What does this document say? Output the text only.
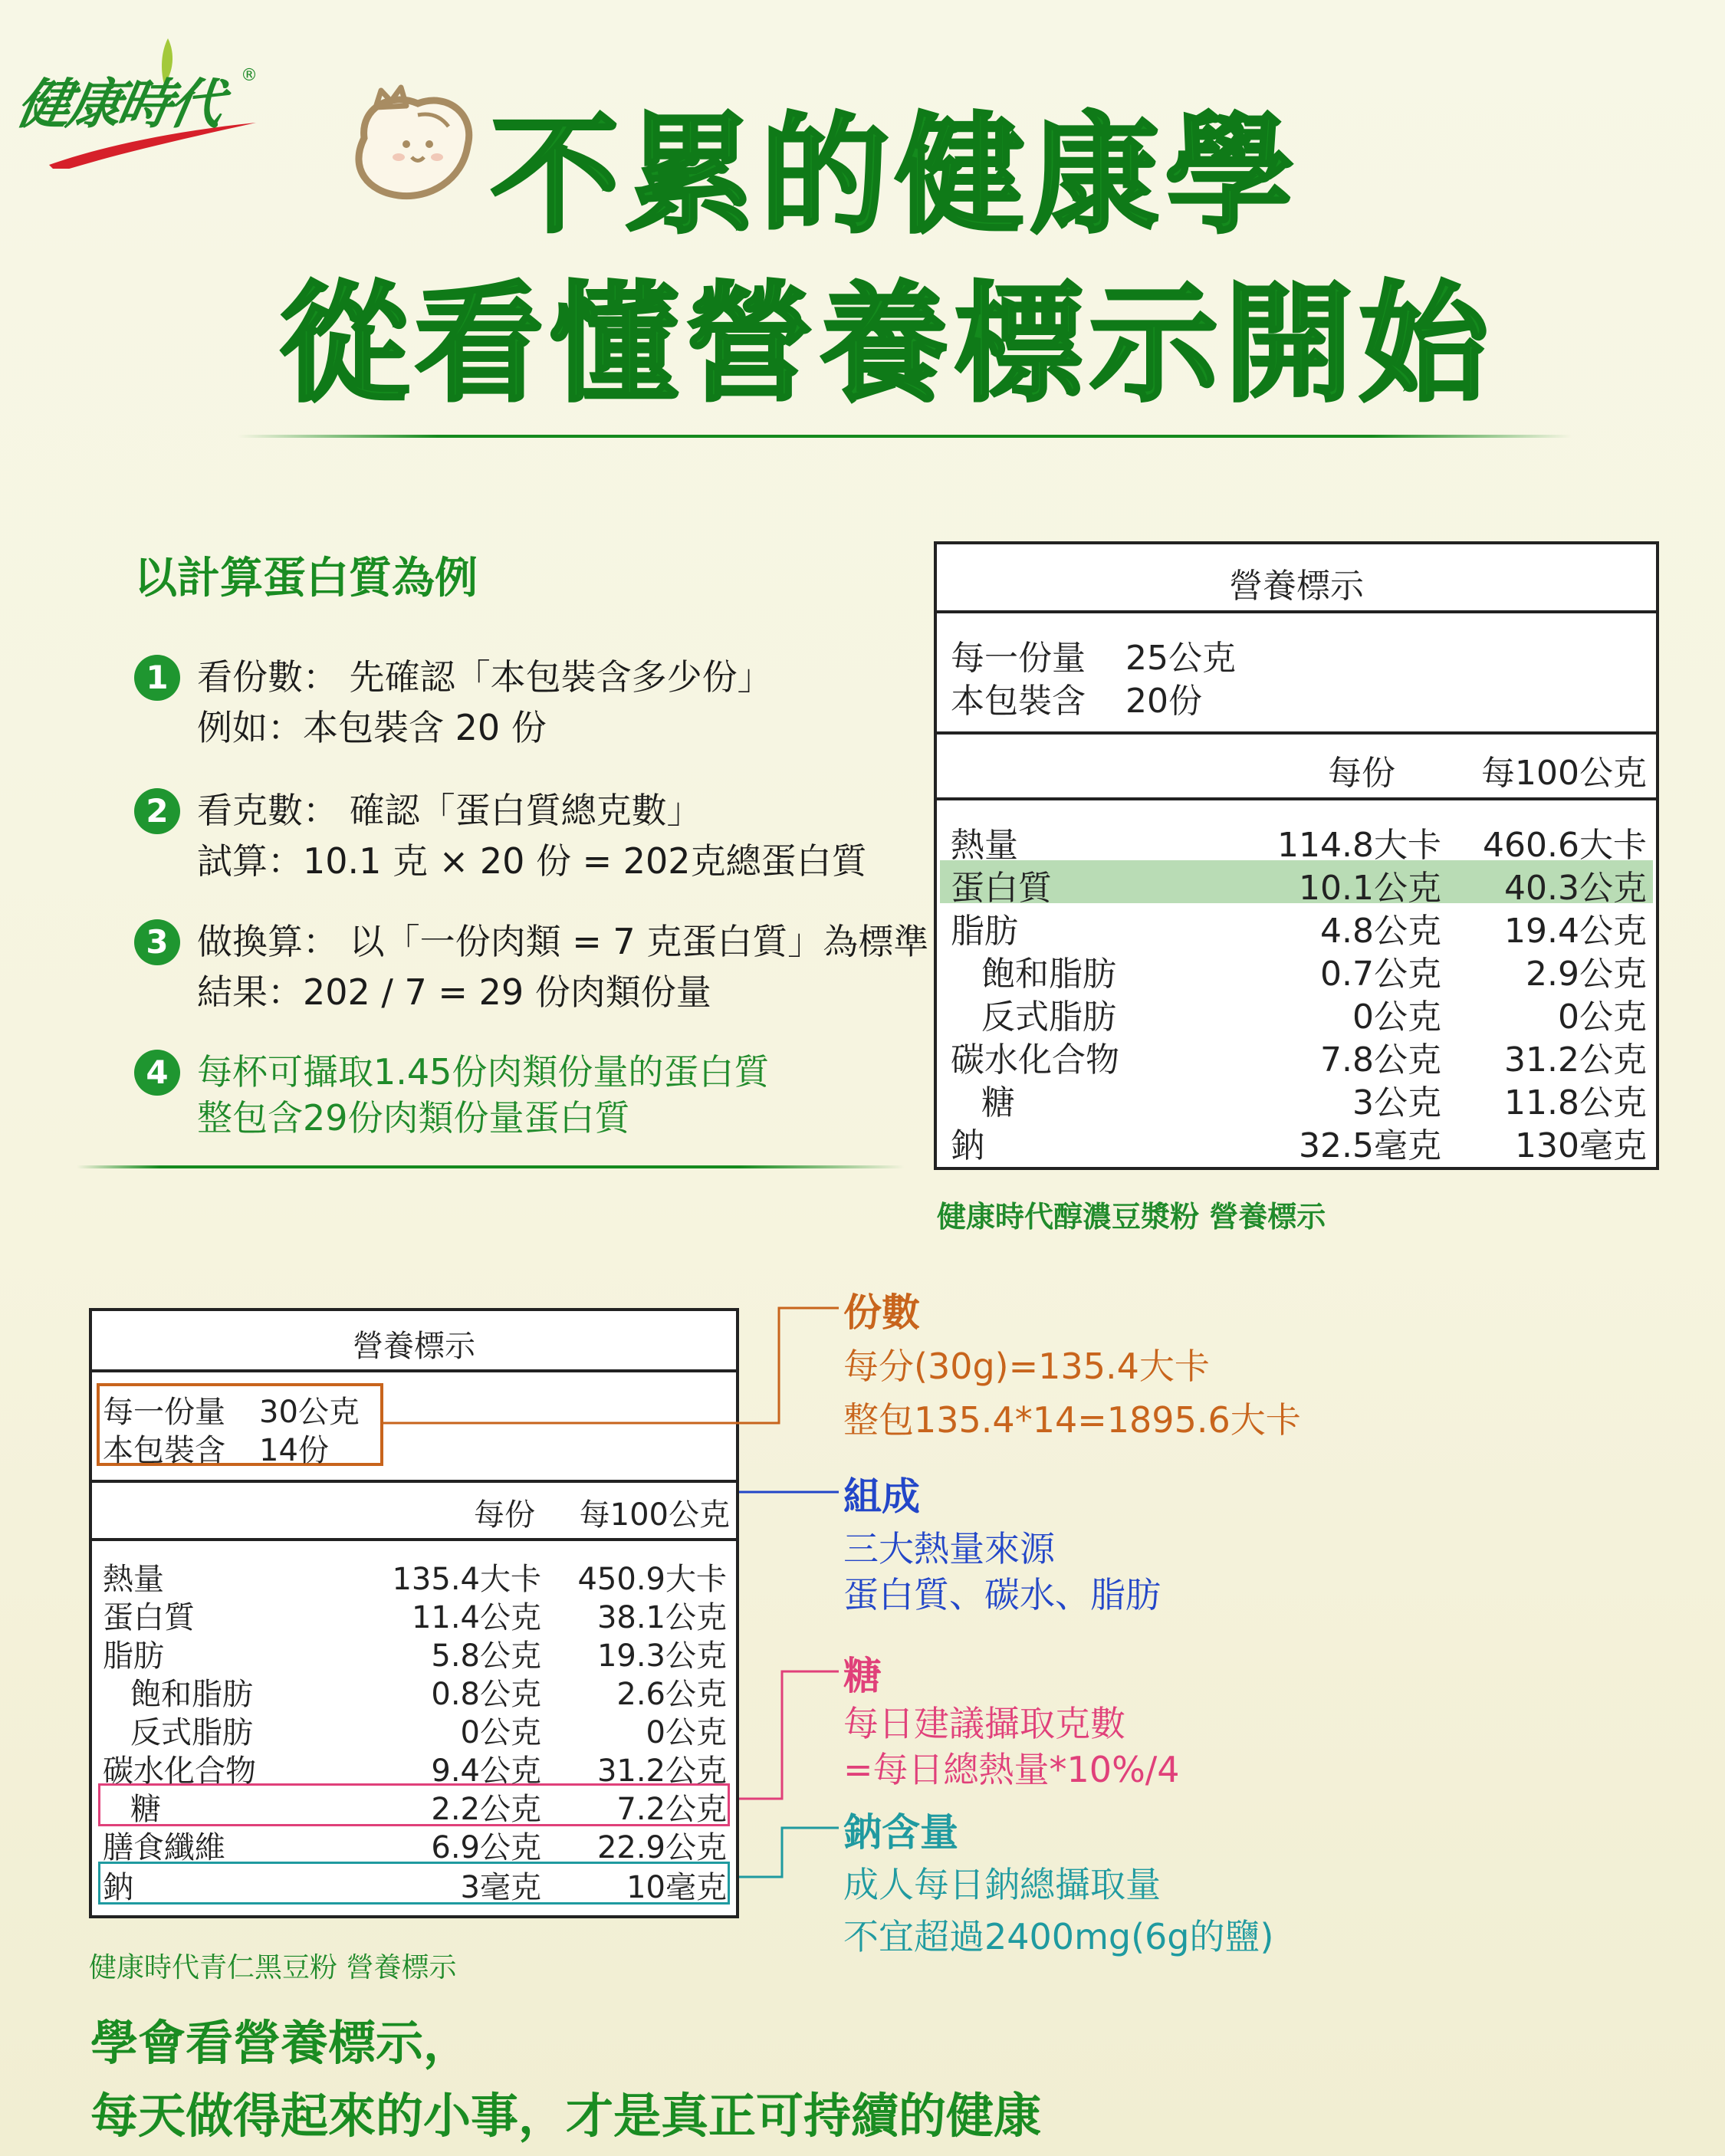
健康時代 ®
不累的健康學
從看懂營養標示開始
以計算蛋白質為例
1 看份數： 先確認「本包裝含多少份」
例如：本包裝含 20 份
2 看克數： 確認「蛋白質總克數」
試算：10.1 克 × 20 份 = 202克總蛋白質
3 做換算： 以「一份肉類 = 7 克蛋白質」為標準
結果：202 / 7 = 29 份肉類份量
4 每杯可攝取1.45份肉類份量的蛋白質
整包含29份肉類份量蛋白質
營養標示
每一份量 25公克
本包裝含 20份
每份	每100公克
熱量	114.8大卡 460.6大卡
蛋白質	10.1公克 40.3公克
脂肪	4.8公克 19.4公克
飽和脂肪	0.7公克	2.9公克
反式脂肪	0公克	0公克
碳水化合物	7.8公克 31.2公克
糖	3公克 11.8公克
鈉	32.5毫克 130毫克
健康時代醇濃豆漿粉 營養標示
營養標示
每一份量 30公克
本包裝含 14份
每份 每100公克
熱量	135.4大卡 450.9大卡
蛋白質	11.4公克 38.1公克
脂肪	5.8公克 19.3公克
飽和脂肪	0.8公克 2.6公克
反式脂肪	0公克	0公克
碳水化合物	9.4公克 31.2公克
糖	2.2公克 7.2公克
膳食纖維	6.9公克 22.9公克
鈉	3毫克	10毫克
健康時代青仁黑豆粉 營養標示
份數
每分(30g)=135.4大卡
整包135.4*14=1895.6大卡
組成
三大熱量來源
蛋白質、碳水、脂肪
糖
每日建議攝取克數
=每日總熱量*10%/4
鈉含量
成人每日鈉總攝取量
不宜超過2400mg(6g的鹽)
學會看營養標示，
每天做得起來的小事，才是真正可持續的健康
